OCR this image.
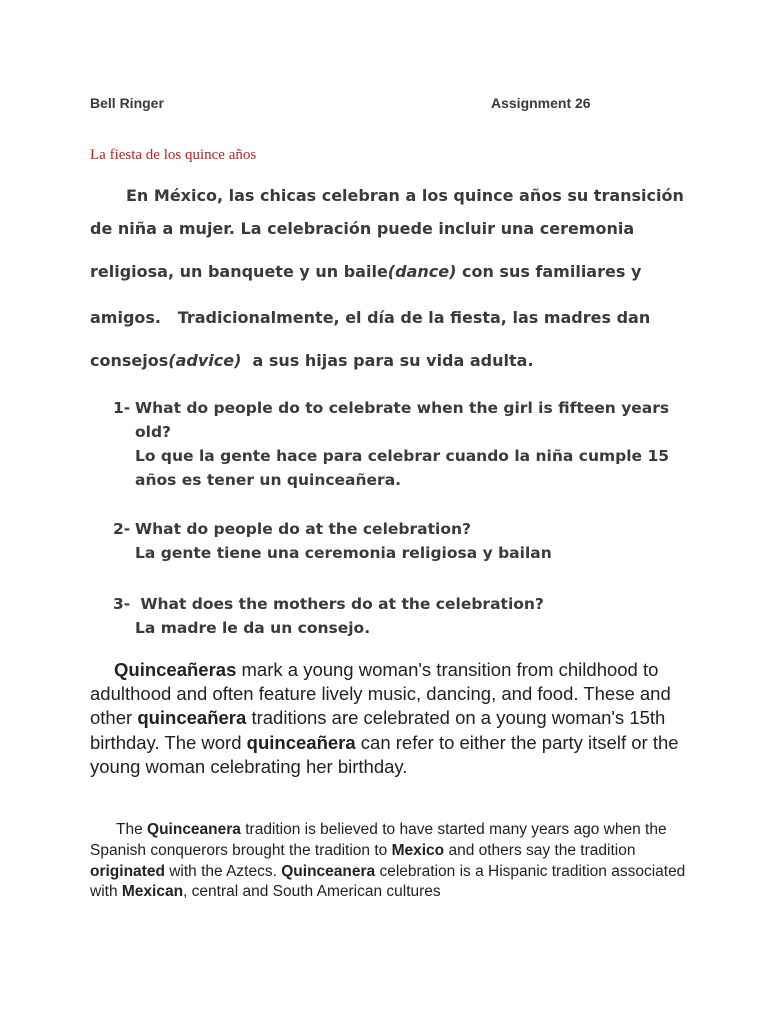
Bell Ringer	Assignment 26
La fiesta de los quince años

En México, las chicas celebran a los quince años su transición

de niña a mujer. La celebración puede incluir una ceremonia

religiosa, un banquete y un baile(dance) con sus familiares y

amigos.   Tradicionalmente, el día de la fiesta, las madres dan

consejos(advice)  a sus hijas para su vida adulta.

1- What do people do to celebrate when the girl is fifteen years
old?
Lo que la gente hace para celebrar cuando la niña cumple 15
años es tener un quinceañera.
2- What do people do at the celebration?
La gente tiene una ceremonia religiosa y bailan
3- What does the mothers do at the celebration?
La madre le da un consejo.

Quinceañeras mark a young woman's transition from childhood to adulthood and often feature lively music, dancing, and food. These and other quinceañera traditions are celebrated on a young woman's 15th birthday. The word quinceañera can refer to either the party itself or the young woman celebrating her birthday.

The Quinceanera tradition is believed to have started many years ago when the Spanish conquerors brought the tradition to Mexico and others say the tradition originated with the Aztecs. Quinceanera celebration is a Hispanic tradition associated with Mexican, central and South American cultures
